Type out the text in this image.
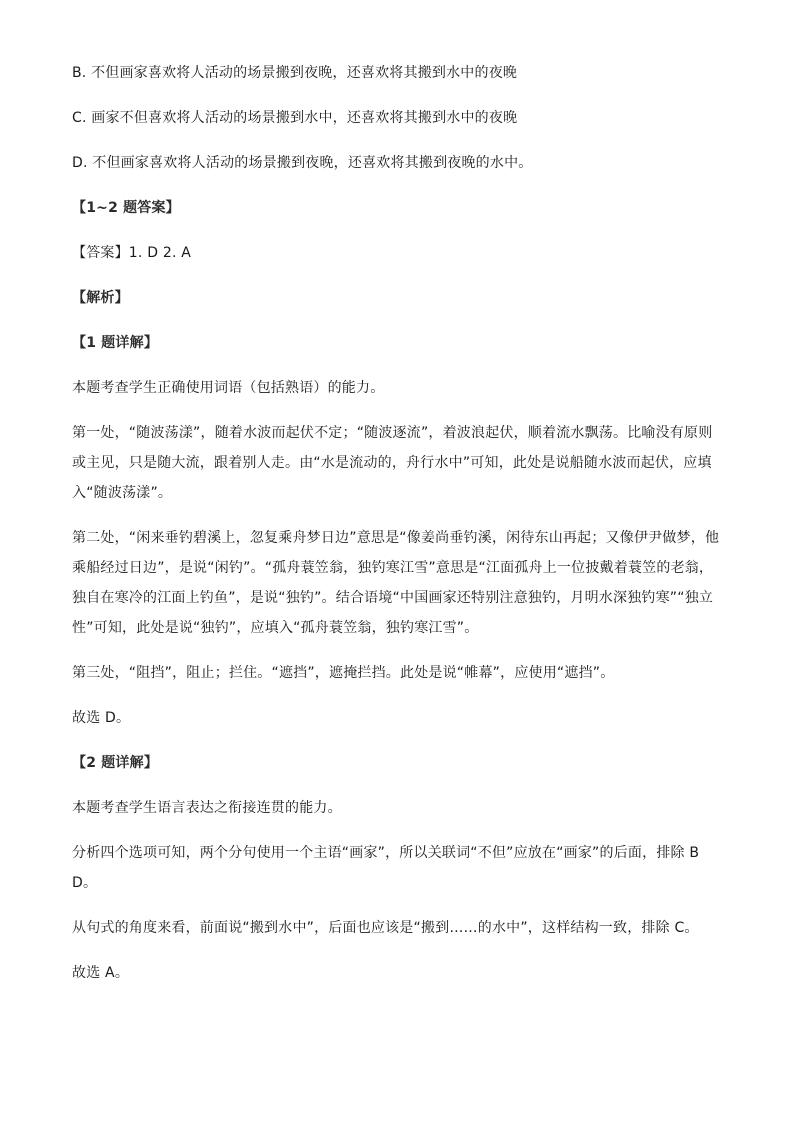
B. 不但画家喜欢将人活动的场景搬到夜晚，还喜欢将其搬到水中的夜晚

C. 画家不但喜欢将人活动的场景搬到水中，还喜欢将其搬到水中的夜晚

D. 不但画家喜欢将人活动的场景搬到夜晚，还喜欢将其搬到夜晚的水中。

【1~2 题答案】

【答案】1. D 2. A

【解析】

【1 题详解】

本题考查学生正确使用词语（包括熟语）的能力。

第一处，“随波荡漾”，随着水波而起伏不定；“随波逐流”，着波浪起伏，顺着流水飘荡。比喻没有原则或主见，只是随大流，跟着别人走。由“水是流动的，舟行水中”可知，此处是说船随水波而起伏，应填入“随波荡漾”。

第二处，“闲来垂钓碧溪上，忽复乘舟梦日边”意思是“像姜尚垂钓溪，闲待东山再起；又像伊尹做梦，他乘船经过日边”，是说“闲钓”。“孤舟蓑笠翁，独钓寒江雪”意思是“江面孤舟上一位披戴着蓑笠的老翁，独自在寒冷的江面上钓鱼”，是说“独钓”。结合语境“中国画家还特别注意独钓，月明水深独钓寒”“独立性”可知，此处是说“独钓”，应填入“孤舟蓑笠翁，独钓寒江雪”。

第三处，“阻挡”，阻止；拦住。“遮挡”，遮掩拦挡。此处是说“帷幕”，应使用“遮挡”。

故选 D。

【2 题详解】

本题考查学生语言表达之衔接连贯的能力。

分析四个选项可知，两个分句使用一个主语“画家”，所以关联词“不但”应放在“画家”的后面，排除 BD。

从句式的角度来看，前面说“搬到水中”，后面也应该是“搬到……的水中”，这样结构一致，排除 C。

故选 A。
